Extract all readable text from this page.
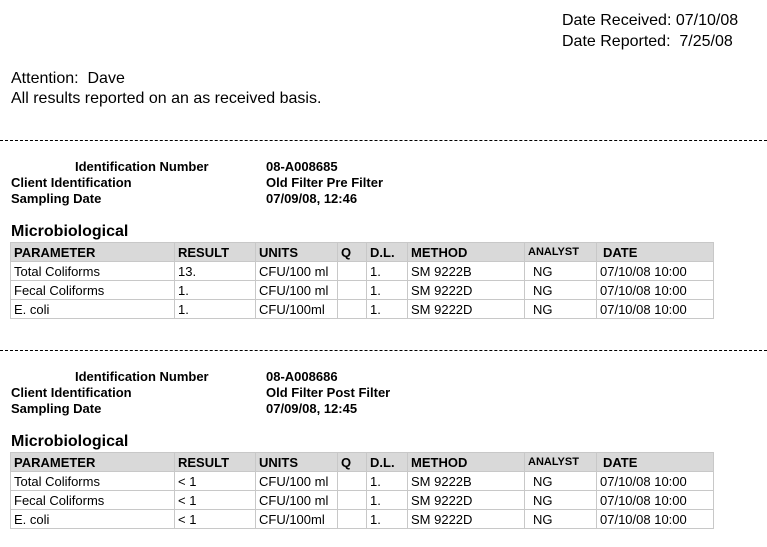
Date Received: 07/10/08
Date Reported:  7/25/08
Attention:  Dave
All results reported on an as received basis.
Identification Number	08-A008685
Client Identification	Old Filter Pre Filter
Sampling Date	07/09/08, 12:46
Microbiological
PARAMETER	RESULT	UNITS	Q	D.L.	METHOD	ANALYST	DATE
Total Coliforms	13.	CFU/100 ml		1.	SM 9222B	NG	07/10/08 10:00
Fecal Coliforms	1.	CFU/100 ml		1.	SM 9222D	NG	07/10/08 10:00
E. coli	1.	CFU/100ml		1.	SM 9222D	NG	07/10/08 10:00
Identification Number	08-A008686
Client Identification	Old Filter Post Filter
Sampling Date	07/09/08, 12:45
Microbiological
PARAMETER	RESULT	UNITS	Q	D.L.	METHOD	ANALYST	DATE
Total Coliforms	< 1	CFU/100 ml		1.	SM 9222B	NG	07/10/08 10:00
Fecal Coliforms	< 1	CFU/100 ml		1.	SM 9222D	NG	07/10/08 10:00
E. coli	< 1	CFU/100ml		1.	SM 9222D	NG	07/10/08 10:00
